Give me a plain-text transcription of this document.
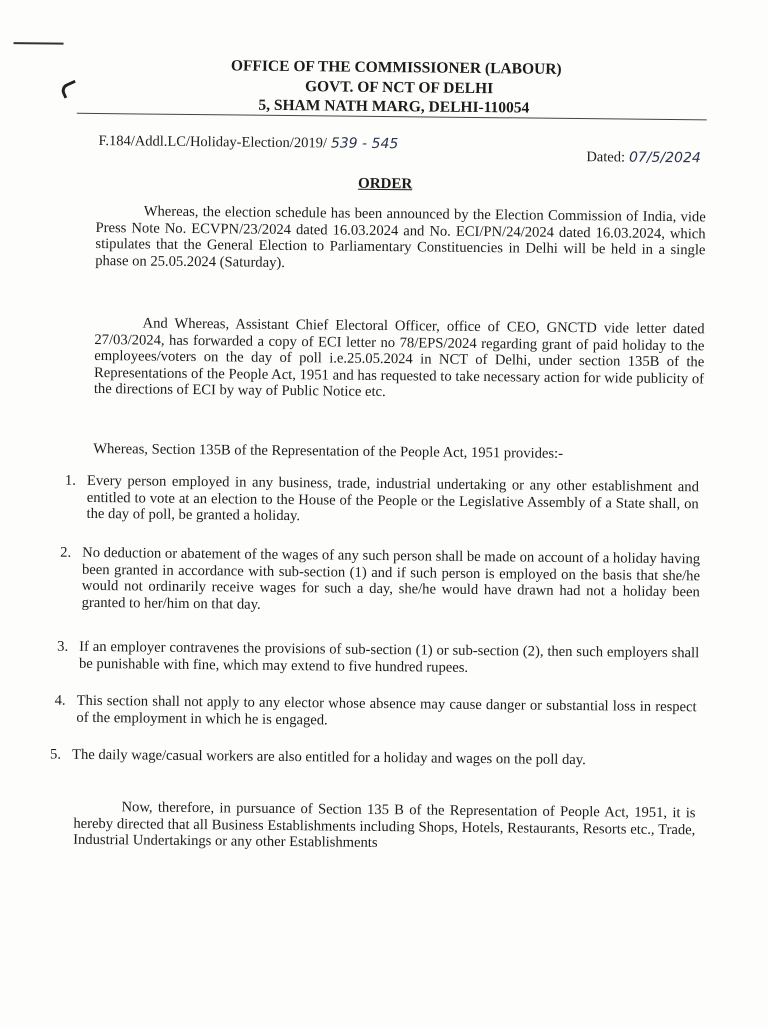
OFFICE OF THE COMMISSIONER (LABOUR)
GOVT. OF NCT OF DELHI
5, SHAM NATH MARG, DELHI-110054
F.184/Addl.LC/Holiday-Election/2019/ 539 - 545
Dated: 07/5/2024
ORDER
Whereas, the election schedule has been announced by the Election Commission of India, vide Press Note No. ECVPN/23/2024 dated 16.03.2024 and No. ECI/PN/24/2024 dated 16.03.2024, which stipulates that the General Election to Parliamentary Constituencies in Delhi will be held in a single phase on 25.05.2024 (Saturday).
And Whereas, Assistant Chief Electoral Officer, office of CEO, GNCTD vide letter dated 27/03/2024, has forwarded a copy of ECI letter no 78/EPS/2024 regarding grant of paid holiday to the employees/voters on the day of poll i.e.25.05.2024 in NCT of Delhi, under section 135B of the Representations of the People Act, 1951 and has requested to take necessary action for wide publicity of the directions of ECI by way of Public Notice etc.
Whereas, Section 135B of the Representation of the People Act, 1951 provides:-
1. Every person employed in any business, trade, industrial undertaking or any other establishment and entitled to vote at an election to the House of the People or the Legislative Assembly of a State shall, on the day of poll, be granted a holiday.
2. No deduction or abatement of the wages of any such person shall be made on account of a holiday having been granted in accordance with sub-section (1) and if such person is employed on the basis that she/he would not ordinarily receive wages for such a day, she/he would have drawn had not a holiday been granted to her/him on that day.
3. If an employer contravenes the provisions of sub-section (1) or sub-section (2), then such employers shall be punishable with fine, which may extend to five hundred rupees.
4. This section shall not apply to any elector whose absence may cause danger or substantial loss in respect of the employment in which he is engaged.
5. The daily wage/casual workers are also entitled for a holiday and wages on the poll day.
Now, therefore, in pursuance of Section 135 B of the Representation of People Act, 1951, it is hereby directed that all Business Establishments including Shops, Hotels, Restaurants, Resorts etc., Trade, Industrial Undertakings or any other Establishments
